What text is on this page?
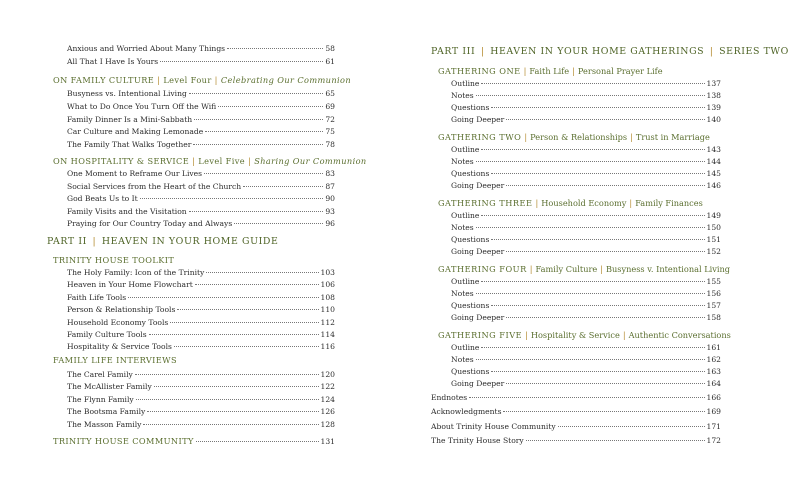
Anxious and Worried About Many Things	58
All That I Have Is Yours	61
ON FAMILY CULTURE | Level Four | Celebrating Our Communion
Busyness vs. Intentional Living	65
What to Do Once You Turn Off the Wifi	69
Family Dinner Is a Mini-Sabbath	72
Car Culture and Making Lemonade	75
The Family That Walks Together	78
ON HOSPITALITY & SERVICE | Level Five | Sharing Our Communion
One Moment to Reframe Our Lives	83
Social Services from the Heart of the Church	87
God Beats Us to It	90
Family Visits and the Visitation	93
Praying for Our Country Today and Always	96
PART II | HEAVEN IN YOUR HOME GUIDE
TRINITY HOUSE TOOLKIT
The Holy Family: Icon of the Trinity	103
Heaven in Your Home Flowchart	106
Faith Life Tools	108
Person & Relationship Tools	110
Household Economy Tools	112
Family Culture Tools	114
Hospitality & Service Tools	116
FAMILY LIFE INTERVIEWS
The Carel Family	120
The McAllister Family	122
The Flynn Family	124
The Bootsma Family	126
The Masson Family	128
TRINITY HOUSE COMMUNITY	131
PART III | HEAVEN IN YOUR HOME GATHERINGS | SERIES TWO
GATHERING ONE | Faith Life | Personal Prayer Life
Outline	137
Notes	138
Questions	139
Going Deeper	140
GATHERING TWO | Person & Relationships | Trust in Marriage
Outline	143
Notes	144
Questions	145
Going Deeper	146
GATHERING THREE | Household Economy | Family Finances
Outline	149
Notes	150
Questions	151
Going Deeper	152
GATHERING FOUR | Family Culture | Busyness v. Intentional Living
Outline	155
Notes	156
Questions	157
Going Deeper	158
GATHERING FIVE | Hospitality & Service | Authentic Conversations
Outline	161
Notes	162
Questions	163
Going Deeper	164
Endnotes	166
Acknowledgments	169
About Trinity House Community	171
The Trinity House Story	172
